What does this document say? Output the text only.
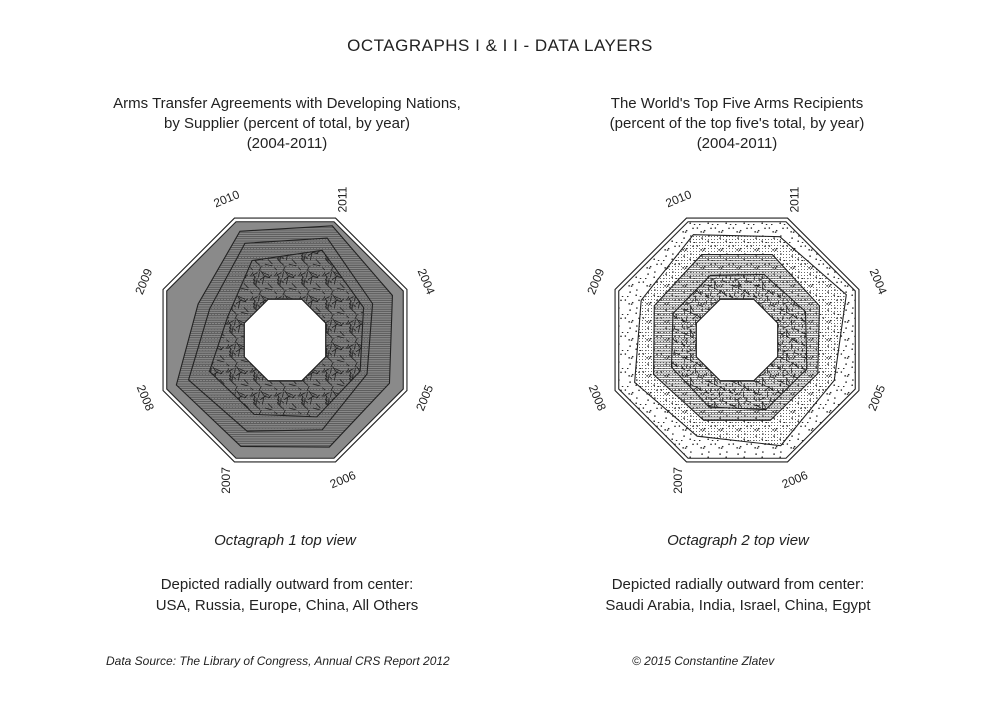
OCTAGRAPHS I & I I - DATA LAYERS
Arms Transfer Agreements with Developing Nations,
by Supplier (percent of total, by year)
(2004-2011)
The World's Top Five Arms Recipients
(percent of the top five's total, by year)
(2004-2011)
2011
2004
2005
2006
2007
2008
2009
2010	2011
2004
2005
2006
2007
2008
2009
2010
Octagraph 1 top view	Octagraph 2 top view
Depicted radially outward from center:
USA, Russia, Europe, China, All Others
Depicted radially outward from center:
Saudi Arabia, India, Israel, China, Egypt
Data Source: The Library of Congress, Annual CRS Report 2012	© 2015 Constantine Zlatev
